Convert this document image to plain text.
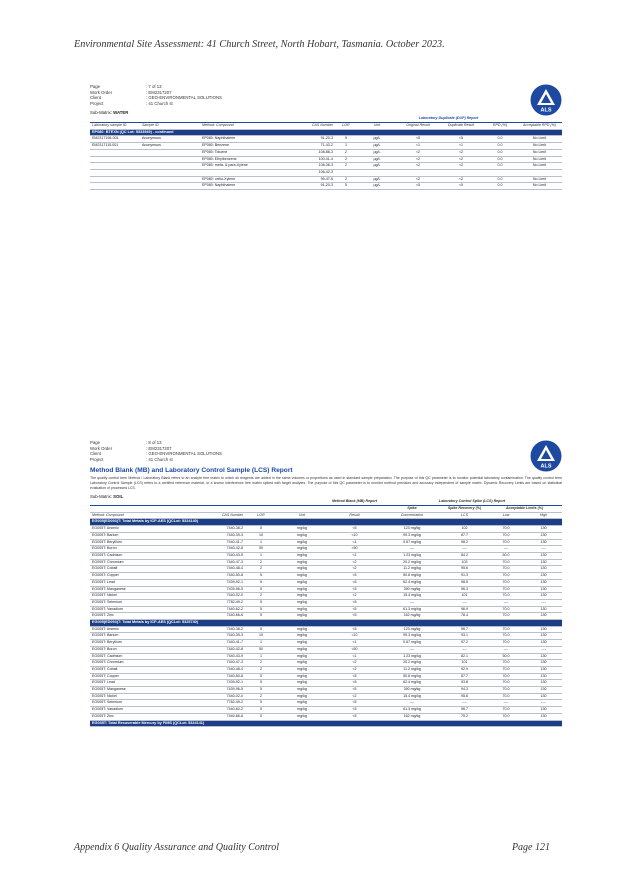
Environmental Site Assessment: 41 Church Street, North Hobart, Tasmania. October 2023.
Page	: 7 of 13
Work Order	: EM2317207
Client	: GEO-ENVIRONMENTAL SOLUTIONS
Project	: 41 Church st
ALS
Sub-Matrix: WATER
				Laboratory Duplicate (DUP) Report					
Laboratory sample ID	Sample ID	Method: Compound	CAS Number	LOR	Unit	Original Result	Duplicate Result	RPD (%)	Acceptable RPD (%)
EP080: BTEXN (QC Lot: 5333949) - continued									
EM2317198-001	Anonymous	EP080: Naphthalene	91-20-3	5	µg/L	<5	<5	0.0	No Limit
EM2317115-001	Anonymous	EP080: Benzene	71-43-2	1	µg/L	<1	<1	0.0	No Limit
		EP080: Toluene	108-88-3	2	µg/L	<2	<2	0.0	No Limit
		EP080: Ethylbenzene	100-41-4	2	µg/L	<2	<2	0.0	No Limit
		EP080: meta- & para-Xylene	108-38-3	2	µg/L	<2	<2	0.0	No Limit
			106-42-3						
		EP080: ortho-Xylene	95-47-6	2	µg/L	<2	<2	0.0	No Limit
		EP080: Naphthalene	91-20-3	5	µg/L	<5	<5	0.0	No Limit
Page	: 8 of 13
Work Order	: EM2317207
Client	: GEO-ENVIRONMENTAL SOLUTIONS
Project	: 41 Church st
ALS
Method Blank (MB) and Laboratory Control Sample (LCS) Report
The quality control term Method / Laboratory Blank refers to an analyte free matrix to which all reagents are added in the same volumes or proportions as used in standard sample preparation. The purpose of this QC parameter is to monitor potential laboratory contamination. The quality control term Laboratory Control Sample (LCS) refers to a certified reference material, or a known interference free matrix spiked with target analytes. The purpose of this QC parameter is to monitor method precision and accuracy independent of sample matrix. Dynamic Recovery Limits are based on statistical evaluation of processed LCS.
Sub-Matrix: SOIL
				Method Blank (MB) Report	Laboratory Control Spike (LCS) Report			
					Spike	Spike Recovery (%)	Acceptable Limits (%)	
Method: Compound	CAS Number	LOR	Unit	Result	Concentration	LCS	Low	High
EG005(ED093)T: Total Metals by ICP-AES (QCLot: 5324140)								
EG005T: Arsenic	7440-38-2	5	mg/kg	<5	123 mg/kg	102	70.0	130
EG005T: Barium	7440-39-3	10	mg/kg	<10	99.3 mg/kg	87.7	70.0	130
EG005T: Beryllium	7440-41-7	1	mg/kg	<1	0.67 mg/kg	98.2	70.0	130
EG005T: Boron	7440-42-8	50	mg/kg	<50	----	----	----	----
EG005T: Cadmium	7440-43-9	1	mg/kg	<1	1.23 mg/kg	84.2	50.0	130
EG005T: Chromium	7440-47-3	2	mg/kg	<2	20.2 mg/kg	103	70.0	130
EG005T: Cobalt	7440-48-4	2	mg/kg	<2	11.2 mg/kg	95.6	70.0	130
EG005T: Copper	7440-50-8	5	mg/kg	<5	50.8 mg/kg	91.3	70.0	130
EG005T: Lead	7439-92-1	5	mg/kg	<5	62.4 mg/kg	98.5	70.0	130
EG005T: Manganese	7439-96-5	5	mg/kg	<5	390 mg/kg	96.3	70.0	130
EG005T: Nickel	7440-02-0	2	mg/kg	<2	15.4 mg/kg	101	70.0	130
EG005T: Selenium	7782-49-2	5	mg/kg	<5	----	----	----	----
EG005T: Vanadium	7440-62-2	5	mg/kg	<5	61.3 mg/kg	96.9	70.0	130
EG005T: Zinc	7440-66-6	5	mg/kg	<5	162 mg/kg	78.4	70.0	130
EG005(ED093)T: Total Metals by ICP-AES (QCLot: 5325740)								
EG005T: Arsenic	7440-38-2	5	mg/kg	<5	123 mg/kg	96.7	70.0	130
EG005T: Barium	7440-39-3	10	mg/kg	<10	99.3 mg/kg	93.1	70.0	130
EG005T: Beryllium	7440-41-7	1	mg/kg	<1	0.67 mg/kg	97.2	70.0	130
EG005T: Boron	7440-42-8	50	mg/kg	<50	----	----	----	----
EG005T: Cadmium	7440-43-9	1	mg/kg	<1	1.23 mg/kg	82.1	50.0	130
EG005T: Chromium	7440-47-3	2	mg/kg	<2	20.2 mg/kg	101	70.0	130
EG005T: Cobalt	7440-48-4	2	mg/kg	<2	11.2 mg/kg	92.9	70.0	130
EG005T: Copper	7440-50-8	5	mg/kg	<5	50.8 mg/kg	87.7	70.0	130
EG005T: Lead	7439-92-1	5	mg/kg	<5	62.4 mg/kg	93.8	70.0	130
EG005T: Manganese	7439-96-5	5	mg/kg	<5	390 mg/kg	94.3	70.0	130
EG005T: Nickel	7440-02-0	2	mg/kg	<2	15.4 mg/kg	95.6	70.0	130
EG005T: Selenium	7782-49-2	5	mg/kg	<5	----	----	----	----
EG005T: Vanadium	7440-62-2	5	mg/kg	<5	61.3 mg/kg	96.7	70.0	130
EG005T: Zinc	7440-66-6	5	mg/kg	<5	162 mg/kg	75.2	70.0	130
EG035T: Total Recoverable Mercury by FIMS (QCLot: 5324141)								
Appendix 6 Quality Assurance and Quality Control	Page 121
